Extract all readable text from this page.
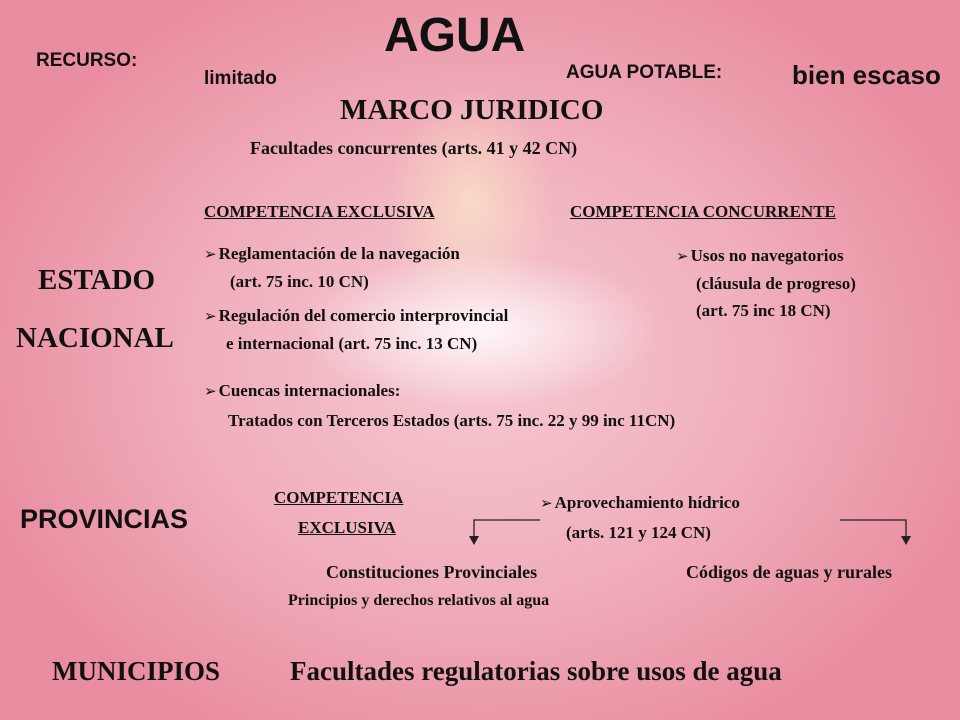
AGUA
RECURSO:
limitado	AGUA POTABLE:	bien escaso
MARCO JURIDICO
Facultades concurrentes (arts. 41 y 42 CN)
ESTADO
NACIONAL
COMPETENCIA EXCLUSIVA	COMPETENCIA CONCURRENTE
➢ Reglamentación de la navegación
(art. 75 inc. 10 CN)
➢ Regulación del comercio interprovincial
e internacional (art. 75 inc. 13 CN)
➢ Cuencas internacionales:
Tratados con Terceros Estados (arts. 75 inc. 22 y 99 inc 11CN)
➢ Usos no navegatorios
(cláusula de progreso)
(art. 75 inc 18 CN)
PROVINCIAS
COMPETENCIA
EXCLUSIVA
➢ Aprovechamiento hídrico
(arts. 121 y 124 CN)
Constituciones Provinciales
Principios y derechos relativos al agua
Códigos de aguas y rurales
MUNICIPIOS	Facultades regulatorias sobre usos de agua
